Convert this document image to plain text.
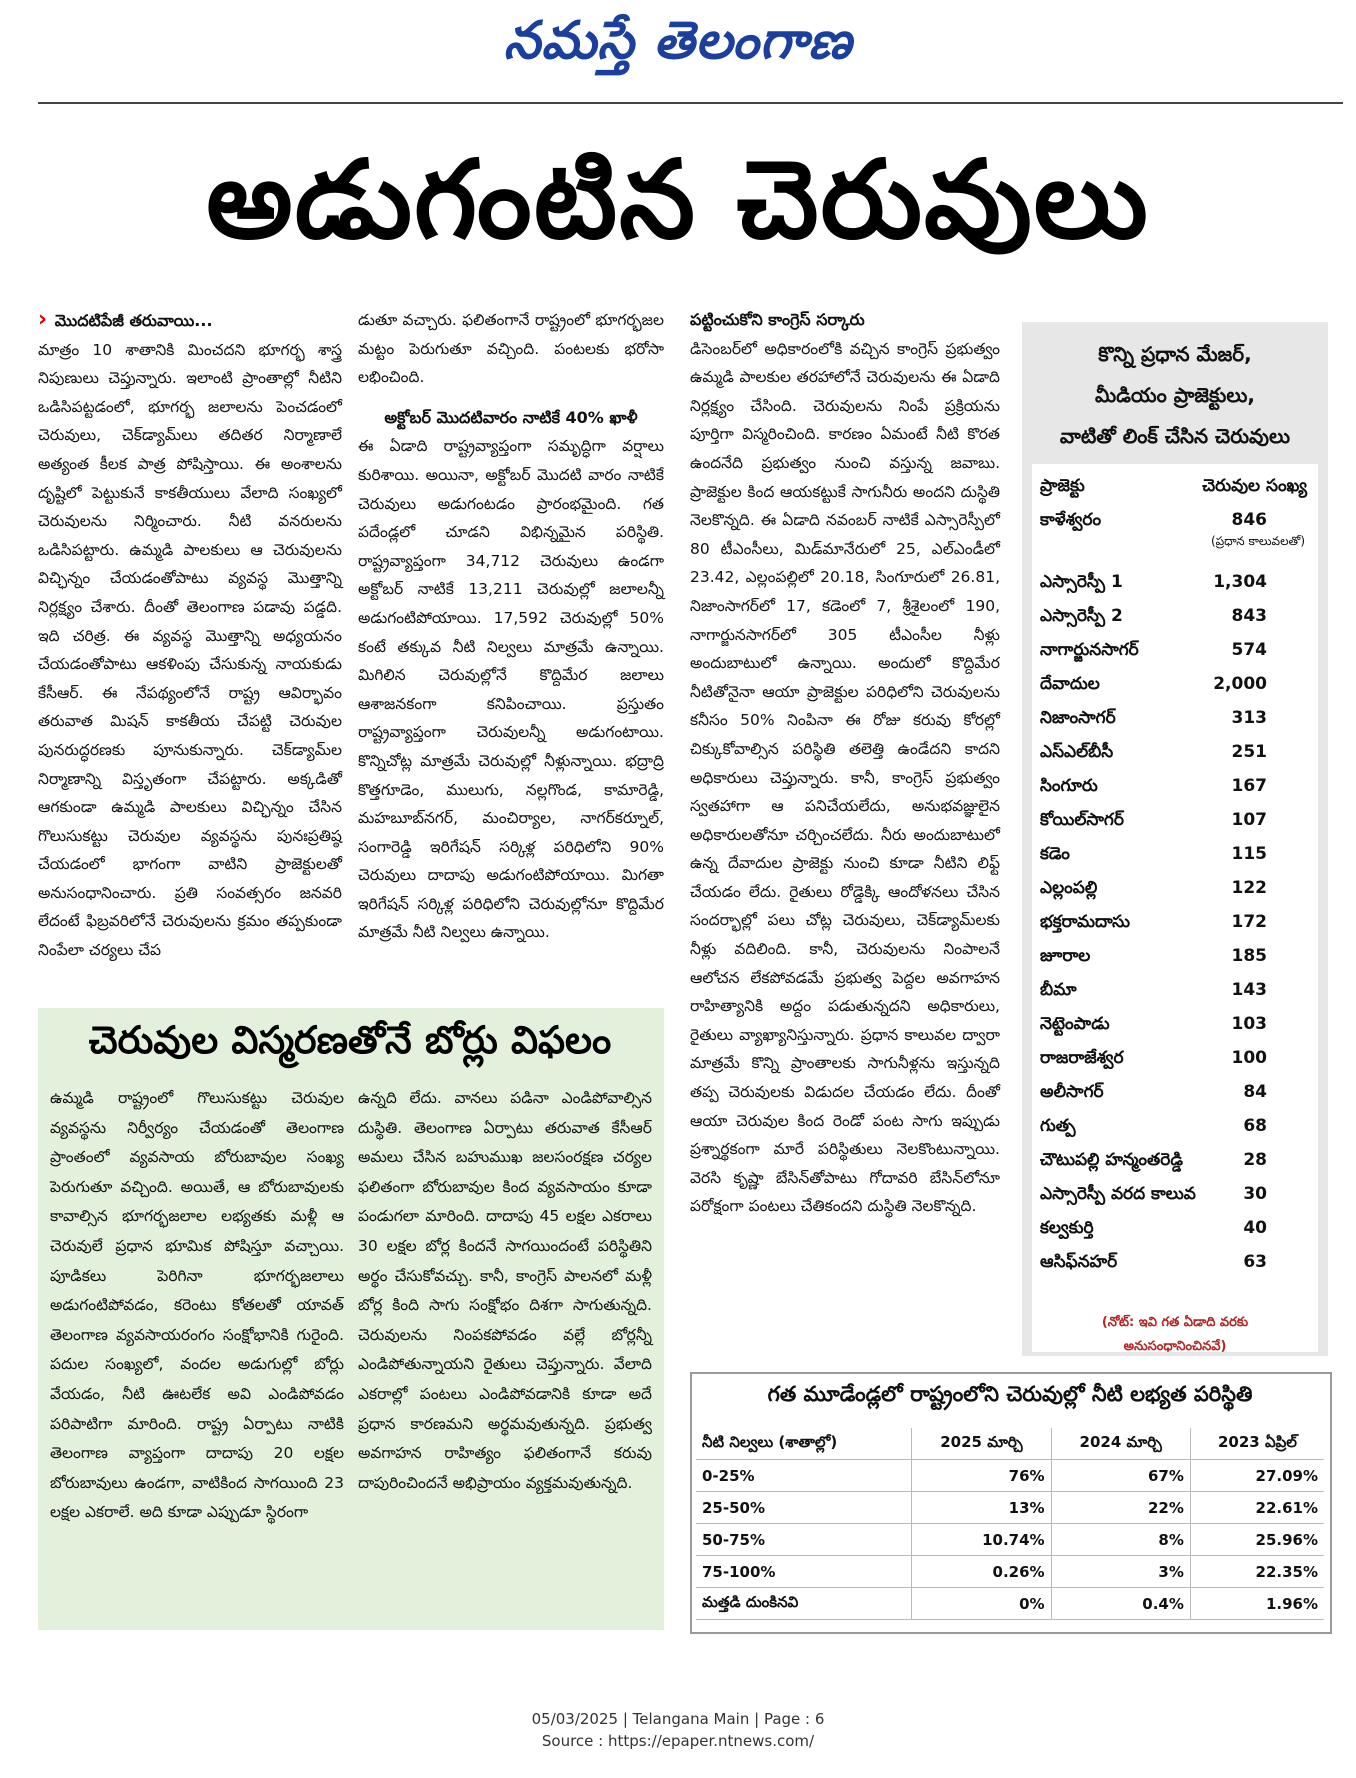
నమస్తే తెలంగాణ
అడుగంటిన చెరువులు

› మొదటిపేజీ తరువాయి...

మాత్రం 10 శాతానికి మించదని భూగర్భ శాస్త్ర నిపుణులు చెప్తున్నారు. ఇలాంటి ప్రాంతాల్లో నీటిని ఒడిసిపట్టడంలో, భూగర్భ జలాలను పెంచడంలో చెరువులు, చెక్‌డ్యామ్‌లు తదితర నిర్మాణాలే అత్యంత కీలక పాత్ర పోషిస్తాయి. ఈ అంశాలను దృష్టిలో పెట్టుకునే కాకతీయులు వేలాది సంఖ్యలో చెరువులను నిర్మించారు. నీటి వనరులను ఒడిసిపట్టారు. ఉమ్మడి పాలకులు ఆ చెరువులను విచ్ఛిన్నం చేయడంతోపాటు వ్యవస్థ మొత్తాన్ని నిర్లక్ష్యం చేశారు. దీంతో తెలంగాణ పడావు పడ్డది. ఇది చరిత్ర. ఈ వ్యవస్థ మొత్తాన్ని అధ్యయనం చేయడంతోపాటు ఆకళింపు చేసుకున్న నాయకుడు కేసీఆర్. ఈ నేపథ్యంలోనే రాష్ట్ర ఆవిర్భావం తరువాత మిషన్ కాకతీయ చేపట్టి చెరువుల పునరుద్ధరణకు పూనుకున్నారు. చెక్‌డ్యామ్‌ల నిర్మాణాన్ని విస్తృతంగా చేపట్టారు. అక్కడితో ఆగకుండా ఉమ్మడి పాలకులు విచ్ఛిన్నం చేసిన గొలుసుకట్టు చెరువుల వ్యవస్థను పునఃప్రతిష్ఠ చేయడంలో భాగంగా వాటిని ప్రాజెక్టులతో అనుసంధానించారు. ప్రతి సంవత్సరం జనవరి లేదంటే ఫిబ్రవరిలోనే చెరువులను క్రమం తప్పకుండా నింపేలా చర్యలు చేప

డుతూ వచ్చారు. ఫలితంగానే రాష్ట్రంలో భూగర్భజల మట్టం పెరుగుతూ వచ్చింది. పంటలకు భరోసా లభించింది.

అక్టోబర్ మొదటివారం నాటికే 40% ఖాళీ

ఈ ఏడాది రాష్ట్రవ్యాప్తంగా సమృద్ధిగా వర్షాలు కురిశాయి. అయినా, అక్టోబర్ మొదటి వారం నాటికే చెరువులు అడుగంటడం ప్రారంభమైంది. గత పదేండ్లలో చూడని విభిన్నమైన పరిస్థితి. రాష్ట్రవ్యాప్తంగా 34,712 చెరువులు ఉండగా అక్టోబర్ నాటికే 13,211 చెరువుల్లో జలాలన్నీ అడుగంటిపోయాయి. 17,592 చెరువుల్లో 50% కంటే తక్కువ నీటి నిల్వలు మాత్రమే ఉన్నాయి. మిగిలిన చెరువుల్లోనే కొద్దిమేర జలాలు ఆశాజనకంగా కనిపించాయి. ప్రస్తుతం రాష్ట్రవ్యాప్తంగా చెరువులన్నీ అడుగంటాయి. కొన్నిచోట్ల మాత్రమే చెరువుల్లో నీళ్లున్నాయి. భద్రాద్రి కొత్తగూడెం, ములుగు, నల్లగొండ, కామారెడ్డి, మహబూబ్‌నగర్, మంచిర్యాల, నాగర్‌కర్నూల్, సంగారెడ్డి ఇరిగేషన్ సర్కిళ్ల పరిధిలోని 90% చెరువులు దాదాపు అడుగంటిపోయాయి. మిగతా ఇరిగేషన్ సర్కిళ్ల పరిధిలోని చెరువుల్లోనూ కొద్దిమేర మాత్రమే నీటి నిల్వలు ఉన్నాయి.

పట్టించుకోని కాంగ్రెస్ సర్కారు

డిసెంబర్‌లో అధికారంలోకి వచ్చిన కాంగ్రెస్ ప్రభుత్వం ఉమ్మడి పాలకుల తరహాలోనే చెరువులను ఈ ఏడాది నిర్లక్ష్యం చేసింది. చెరువులను నింపే ప్రక్రియను పూర్తిగా విస్మరించింది. కారణం ఏమంటే నీటి కొరత ఉందనేది ప్రభుత్వం నుంచి వస్తున్న జవాబు. ప్రాజెక్టుల కింద ఆయకట్టుకే సాగునీరు అందని దుస్థితి నెలకొన్నది. ఈ ఏడాది నవంబర్ నాటికే ఎస్సారెస్పీలో 80 టీఎంసీలు, మిడ్‌మానేరులో 25, ఎల్‌ఎండీలో 23.42, ఎల్లంపల్లిలో 20.18, సింగూరులో 26.81, నిజాంసాగర్‌లో 17, కడెంలో 7, శ్రీశైలంలో 190, నాగార్జునసాగర్‌లో 305 టీఎంసీల నీళ్లు అందుబాటులో ఉన్నాయి. అందులో కొద్దిమేర నీటితోనైనా ఆయా ప్రాజెక్టుల పరిధిలోని చెరువులను కనీసం 50% నింపినా ఈ రోజు కరువు కోరల్లో చిక్కుకోవాల్సిన పరిస్థితి తలెత్తి ఉండేదని కాదని అధికారులు చెప్తున్నారు. కానీ, కాంగ్రెస్ ప్రభుత్వం స్వతహాగా ఆ పనిచేయలేదు, అనుభవజ్ఞులైన అధికారులతోనూ చర్చించలేదు. నీరు అందుబాటులో ఉన్న దేవాదుల ప్రాజెక్టు నుంచి కూడా నీటిని లిఫ్ట్ చేయడం లేదు. రైతులు రోడ్డెక్కి ఆందోళనలు చేసిన సందర్భాల్లో పలు చోట్ల చెరువులు, చెక్‌డ్యామ్‌లకు నీళ్లు వదిలింది. కానీ, చెరువులను నింపాలనే ఆలోచన లేకపోవడమే ప్రభుత్వ పెద్దల అవగాహన రాహిత్యానికి అద్దం పడుతున్నదని అధికారులు, రైతులు వ్యాఖ్యానిస్తున్నారు. ప్రధాన కాలువల ద్వారా మాత్రమే కొన్ని ప్రాంతాలకు సాగునీళ్లను ఇస్తున్నది తప్ప చెరువులకు విడుదల చేయడం లేదు. దీంతో ఆయా చెరువుల కింద రెండో పంట సాగు ఇప్పుడు ప్రశ్నార్థకంగా మారే పరిస్థితులు నెలకొంటున్నాయి. వెరసి కృష్ణా బేసిన్‌తోపాటు గోదావరి బేసిన్‌లోనూ పరోక్షంగా పంటలు చేతికందని దుస్థితి నెలకొన్నది.

చెరువుల విస్మరణతోనే బోర్లు విఫలం
ఉమ్మడి రాష్ట్రంలో గొలుసుకట్టు చెరువుల వ్యవస్థను నిర్వీర్యం చేయడంతో తెలంగాణ ప్రాంతంలో వ్యవసాయ బోరుబావుల సంఖ్య పెరుగుతూ వచ్చింది. అయితే, ఆ బోరుబావులకు కావాల్సిన భూగర్భజలాల లభ్యతకు మళ్లీ ఆ చెరువులే ప్రధాన భూమిక పోషిస్తూ వచ్చాయి. పూడికలు పెరిగినా భూగర్భజలాలు అడుగంటిపోవడం, కరెంటు కోతలతో యావత్ తెలంగాణ వ్యవసాయరంగం సంక్షోభానికి గురైంది. పదుల సంఖ్యలో, వందల అడుగుల్లో బోర్లు వేయడం, నీటి ఊటలేక అవి ఎండిపోవడం పరిపాటిగా మారింది. రాష్ట్ర ఏర్పాటు నాటికి తెలంగాణ వ్యాప్తంగా దాదాపు 20 లక్షల బోరుబావులు ఉండగా, వాటికింద సాగయింది 23 లక్షల ఎకరాలే. అది కూడా ఎప్పుడూ స్థిరంగా
ఉన్నది లేదు. వానలు పడినా ఎండిపోవాల్సిన దుస్థితి. తెలంగాణ ఏర్పాటు తరువాత కేసీఆర్ అమలు చేసిన బహుముఖ జలసంరక్షణ చర్యల ఫలితంగా బోరుబావుల కింద వ్యవసాయం కూడా పండుగలా మారింది. దాదాపు 45 లక్షల ఎకరాలు 30 లక్షల బోర్ల కిందనే సాగయిందంటే పరిస్థితిని అర్థం చేసుకోవచ్చు. కానీ, కాంగ్రెస్ పాలనలో మళ్లీ బోర్ల కింది సాగు సంక్షోభం దిశగా సాగుతున్నది. చెరువులను నింపకపోవడం వల్లే బోర్లన్నీ ఎండిపోతున్నాయని రైతులు చెప్తున్నారు. వేలాది ఎకరాల్లో పంటలు ఎండిపోవడానికి కూడా అదే ప్రధాన కారణమని అర్థమవుతున్నది. ప్రభుత్వ అవగాహన రాహిత్యం ఫలితంగానే కరువు దాపురించిందనే అభిప్రాయం వ్యక్తమవుతున్నది.
కొన్ని ప్రధాన మేజర్,
మీడియం ప్రాజెక్టులు,
వాటితో లింక్ చేసిన చెరువులు
ప్రాజెక్టు	చెరువుల సంఖ్య
కాళేశ్వరం	846
(ప్రధాన కాలువలతో)
ఎస్సారెస్పీ 1	1,304
ఎస్సారెస్పీ 2	843
నాగార్జునసాగర్	574
దేవాదుల	2,000
నిజాంసాగర్	313
ఎస్ఎల్‌బీసీ	251
సింగూరు	167
కోయిల్‌సాగర్	107
కడెం	115
ఎల్లంపల్లి	122
భక్తరామదాసు	172
జూరాల	185
బీమా	143
నెట్టెంపాడు	103
రాజరాజేశ్వర	100
అలీసాగర్	84
గుత్ప	68
చౌటుపల్లి హన్మంతరెడ్డి	28
ఎస్సారెస్పీ వరద కాలువ	30
కల్వకుర్తి	40
ఆసిఫ్‌నహర్	63
(నోట్: ఇవి గత ఏడాది వరకు
అనుసంధానించినవే)
గత మూడేండ్లలో రాష్ట్రంలోని చెరువుల్లో నీటి లభ్యత పరిస్థితి
నీటి నిల్వలు (శాతాల్లో)	2025 మార్చి	2024 మార్చి	2023 ఏప్రిల్
0-25%	76%	67%	27.09%
25-50%	13%	22%	22.61%
50-75%	10.74%	8%	25.96%
75-100%	0.26%	3%	22.35%
మత్తడి దుంకినవి	0%	0.4%	1.96%
05/03/2025 | Telangana Main | Page : 6
Source : https://epaper.ntnews.com/
